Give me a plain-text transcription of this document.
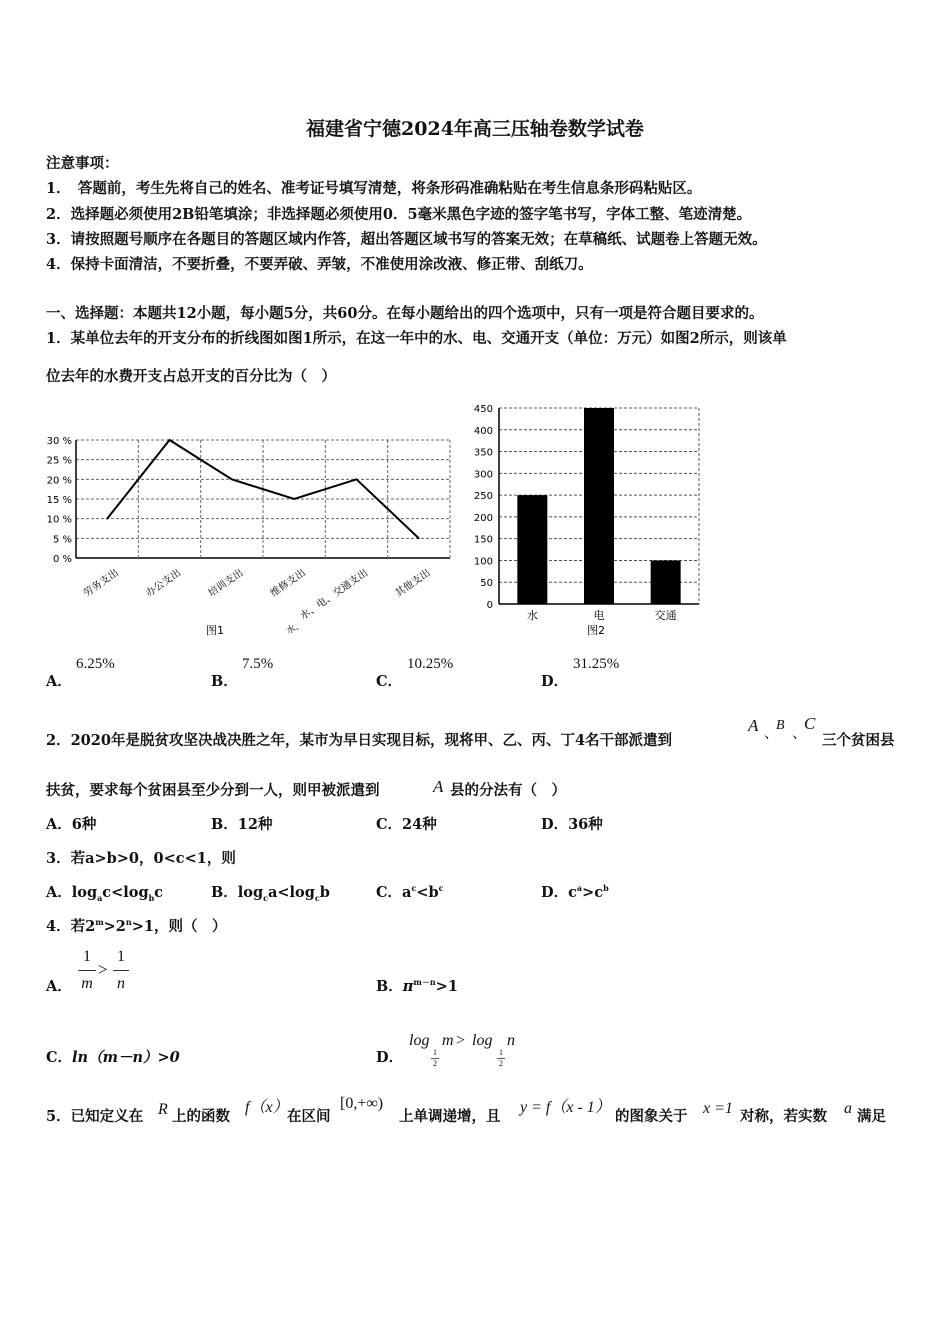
福建省宁德2024年高三压轴卷数学试卷
注意事项：
1．　答题前，考生先将自己的姓名、准考证号填写清楚，将条形码准确粘贴在考生信息条形码粘贴区。
2．选择题必须使用2B铅笔填涂；非选择题必须使用0．5毫米黑色字迹的签字笔书写，字体工整、笔迹清楚。
3．请按照题号顺序在各题目的答题区域内作答，超出答题区域书写的答案无效；在草稿纸、试题卷上答题无效。
4．保持卡面清洁，不要折叠，不要弄破、弄皱，不准使用涂改液、修正带、刮纸刀。
一、选择题：本题共12小题，每小题5分，共60分。在每小题给出的四个选项中，只有一项是符合题目要求的。
1．某单位去年的开支分布的折线图如图1所示，在这一年中的水、电、交通开支（单位：万元）如图2所示，则该单
位去年的水费开支占总开支的百分比为（　）
0 %
5 %
10 %
15 %
20 %
25 %
30 %
劳务支出 办公支出 培训支出 维修支出
水、电、交通支出 其他支出
图1	水、
0
50
100
150
200
250
300
350
400
450
水	电	交通
图2
A．
6.25%
B．
7.5%
C．
10.25%
D．
31.25%
2．2020年是脱贫攻坚决战决胜之年，某市为早日实现目标，现将甲、乙、丙、丁4名干部派遣到
A 、
B
、
C
三个贫困县
扶贫，要求每个贫困县至少分到一人，则甲被派遣到	A 县的分法有（　）
A．6种	B．12种	C．24种	D．36种
3．若a>b>0，0<c<1，则
A．$\log_ac<\log_bc$	B．$\log_ca<\log_cb$	C．$a^c<b^c$	D．$c^a>c^b$
4．若$2^m>2^n>1$，则（　）
A．
1
m
>
1
n	B．$\pi^{m-n}>1$
C．ln（m－n）>0	D．
log
1
2
m > log
1
2
n
5．已知定义在 R 上的函数
f（x）
在区间
[0,+∞)
上单调递增，且
y = f（x - 1）
的图象关于 x =1 对称，若实数 a 满足
